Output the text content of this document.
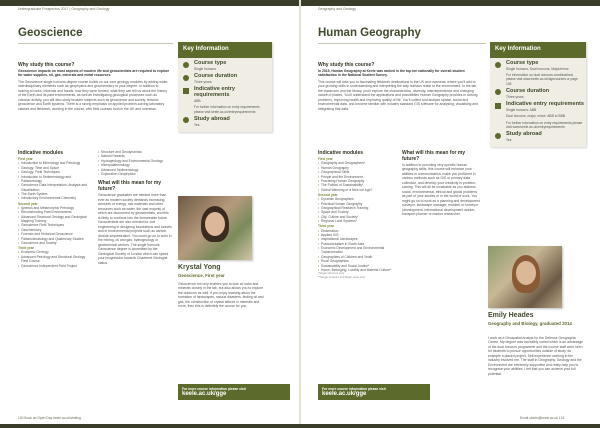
Undergraduate Prospectus 2017 | Geography and Geology	Geography and Geology
Geoscience
Why study this course?
Geoscience impacts on most aspects of modern life and geoscientists are required to explore for water supplies, oil, gas, minerals and metal resources.
The Geoscience single honours degree course builds on our core geology modules by adding wider, interdisciplinary elements such as geophysics and geochemistry to your degree. In addition to looking at rocks, minerals and fossils, how they were formed, what they can tell us about the history of the Earth and its past environments, as well as investigating geological processes such as volcanic activity, you will also study broader subjects such as geoscience and society, tectonic geoscience and Earth systems. There is a strong emphasis on applied problem-solving laboratory classes and fieldwork, working in the course, with field courses both in the UK and overseas.
Indicative modules
First year
• Introduction to Mineralogy and Petrology
• Geology: Time and Space
• Geology: Field Techniques
• Introduction to Sedimentology and Palaeontology
• Geoscience Data Interpretation, Analysis and Visualisation
• The Earth System
• Introductory Environmental Chemistry
Second year
• Igneous and Metamorphic Petrology
• Reconstructing Past Environments
• Advanced Structural Geology and Geological Mapping Training
• Geoscience Field Techniques
• Geochemistry
• Forensic and Historical Geoscience
• Palaeoclimatology and Quaternary Studies
• Geoscience and Society
Third year
• Economic Geology
• Advanced Petrology and Structural Geology Field Course
• Geoscience Independent Field Project
• Structure and Geodynamics
• Natural Hazards
• Hydrogeology and Environmental Geology
• Micropalaeontology
• Advanced Sedimentology
• Exploration Geophysics
What will this mean for my future?
Geoscience graduates are needed more than ever as modern society demands increasing amounts of energy, raw materials and other resources such as water, the vast majority of which are discovered by geoscientists, and this is likely to continue into the foreseeable future. Geoscientists are also needed for civil engineering in designing foundations and tunnels and in environmental projects such as carbon dioxide sequestration. You could go on to work in the mining, oil and gas, hydrogeology or geotechnical sectors. The single honours Geoscience degree is accredited by the Geological Society of London which can speed your progression towards Chartered Geologist status.
Key Information
Course type
Single honours
Course duration
Three years
Indicative entry requirements
ABB
For further information on entry requirements please visit keele.ac.uk/entryrequirements
Study abroad
Yes
Krystal Yong
Geoscience, First year
Geoscience not only enables you to look at rocks and minerals closely in the lab, but also allows you to explore the outdoors as well. If you enjoy learning about the formation of landscapes, natural disasters, finding oil and gas, the construction of crystal lattices in minerals and more, then this is definitely the course for you.
For more course information please visit
keele.ac.uk/gge
100 Book an Open Day keele.ac.uk/visiting
Human Geography
Why study this course?
In 2015, Human Geography at Keele was ranked in the top ten nationally for overall student satisfaction in the National Student Survey.
This course will take you to fascinating fieldwork destinations in the UK and overseas, where you'll add to your growing skills in understanding and interpreting the way humans relate to the environment. In the lab, the classroom and the library, you'll explore the characteristics, diversity, interdependence and changing nature of places. You'll understand the applications and possibilities Human Geography provides in solving problems, improving health and improving quality of life. You'll collect and analyse spatial, social and environmental data, and become familiar with industry standard GIS software for analysing, visualising and integrating that data.
Indicative modules
First year
• Geography and Geographers*
• Human Geography
• Geographical Skills
• People and the Environment
• Practising Human Geography
• The Politics of Sustainability*
• Global Warming or a New Ice Age?
Second year
• Dynamic Geographies
• Practical Human Geography
• Geographical Research Training
• Space and Society
• City, Culture and Society*
• Regional Land Systems*
Third year
• Dissertation
• Applied GIS
• Inspirational Landscapes
• Postcolonialism in South Asia
• Economic Development and Environmental Transformation
• Geographies of Children and Youth
• Rural Geographies
• Sustainability and Social Justice*
• Home, Belonging, Locality and Material Culture*
*Single Honours only
**Single honours and Major route only
What will this mean for my future?
In addition to providing very specific human geography skills, this course will enhance your abilities in communication, make you proficient in various methods such as GIS or primary data collection, and develop your creativity in problem-solving. This will all be invaluable as you address social, environmental, ethical and global problems as part of your studies or in the world of work. You might go on to work as a planning and development surveyor, landscape manager, resident or surveyor (development, international development worker, transport planner or market researcher.
Key Information
Course type
Single honours, Dual honours, Major/minor
For information on dual honours combinations please visit www.keele.ac.uk/agecourses or page 105
Course duration
Three years
Indicative entry requirements
Single honours: ABB
Dual honours, major, minor: ABB to BBB
For further information on entry requirements please visit www.keele.ac.uk/entryrequirements
Study abroad
Yes
Emily Heades
Geography and Biology, graduated 2014
I work as a Geospatial Analyst for the Defence Geographic Centre. My degree was incredibly varied which is an advantage of the dual honours programme and the course staff were keen for students to pursue opportunities outside of study, for example a placed project. Self-experience working in the industry involved me. The staff in Geography, Geology and the Environment are extremely supportive and really help you to recognise your abilities. I felt that you can achieve your full potential.
For more course information please visit
keele.ac.uk/gge
Email ukinfo@keele.ac.uk 101
